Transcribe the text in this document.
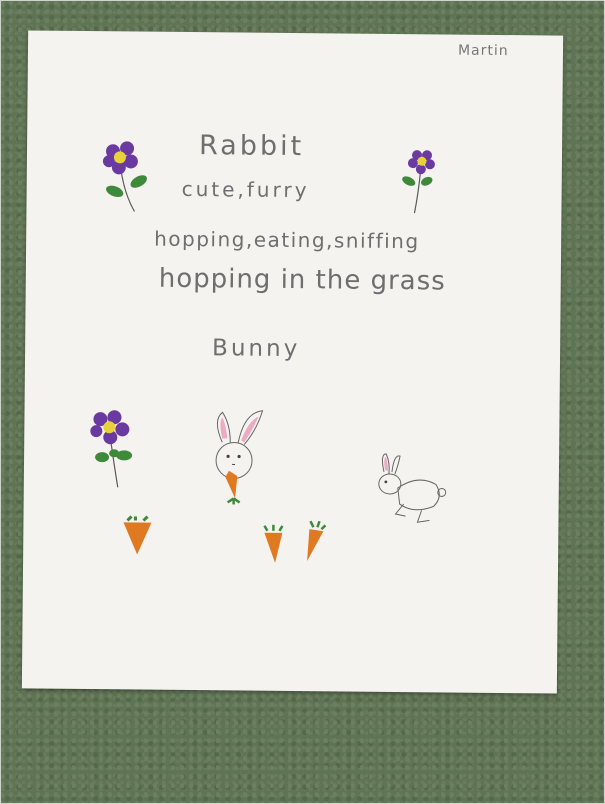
Martin
Rabbit
cute,furry
hopping,eating,sniffing
hopping in the grass
Bunny
